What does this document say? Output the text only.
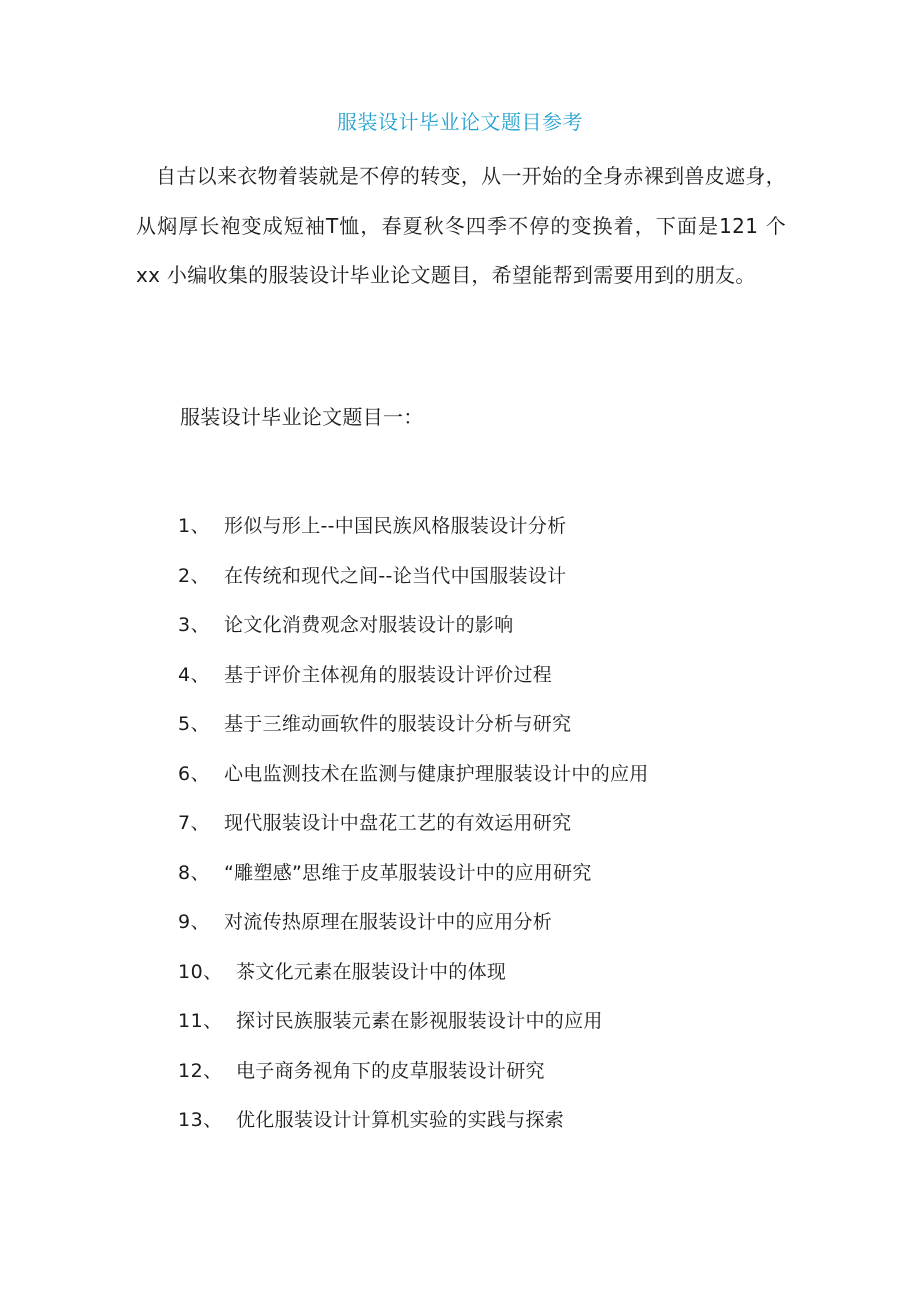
服装设计毕业论文题目参考

自古以来衣物着装就是不停的转变，从一开始的全身赤裸到兽皮遮身，从焖厚长袍变成短袖T恤，春夏秋冬四季不停的变换着，下面是121 个 xx 小编收集的服装设计毕业论文题目，希望能帮到需要用到的朋友。

服装设计毕业论文题目一：
1、 形似与形上--中国民族风格服装设计分析
2、 在传统和现代之间--论当代中国服装设计
3、 论文化消费观念对服装设计的影响
4、 基于评价主体视角的服装设计评价过程
5、 基于三维动画软件的服装设计分析与研究
6、 心电监测技术在监测与健康护理服装设计中的应用
7、 现代服装设计中盘花工艺的有效运用研究
8、 “雕塑感”思维于皮革服装设计中的应用研究
9、 对流传热原理在服装设计中的应用分析
10、 茶文化元素在服装设计中的体现
11、 探讨民族服装元素在影视服装设计中的应用
12、 电子商务视角下的皮草服装设计研究
13、 优化服装设计计算机实验的实践与探索
